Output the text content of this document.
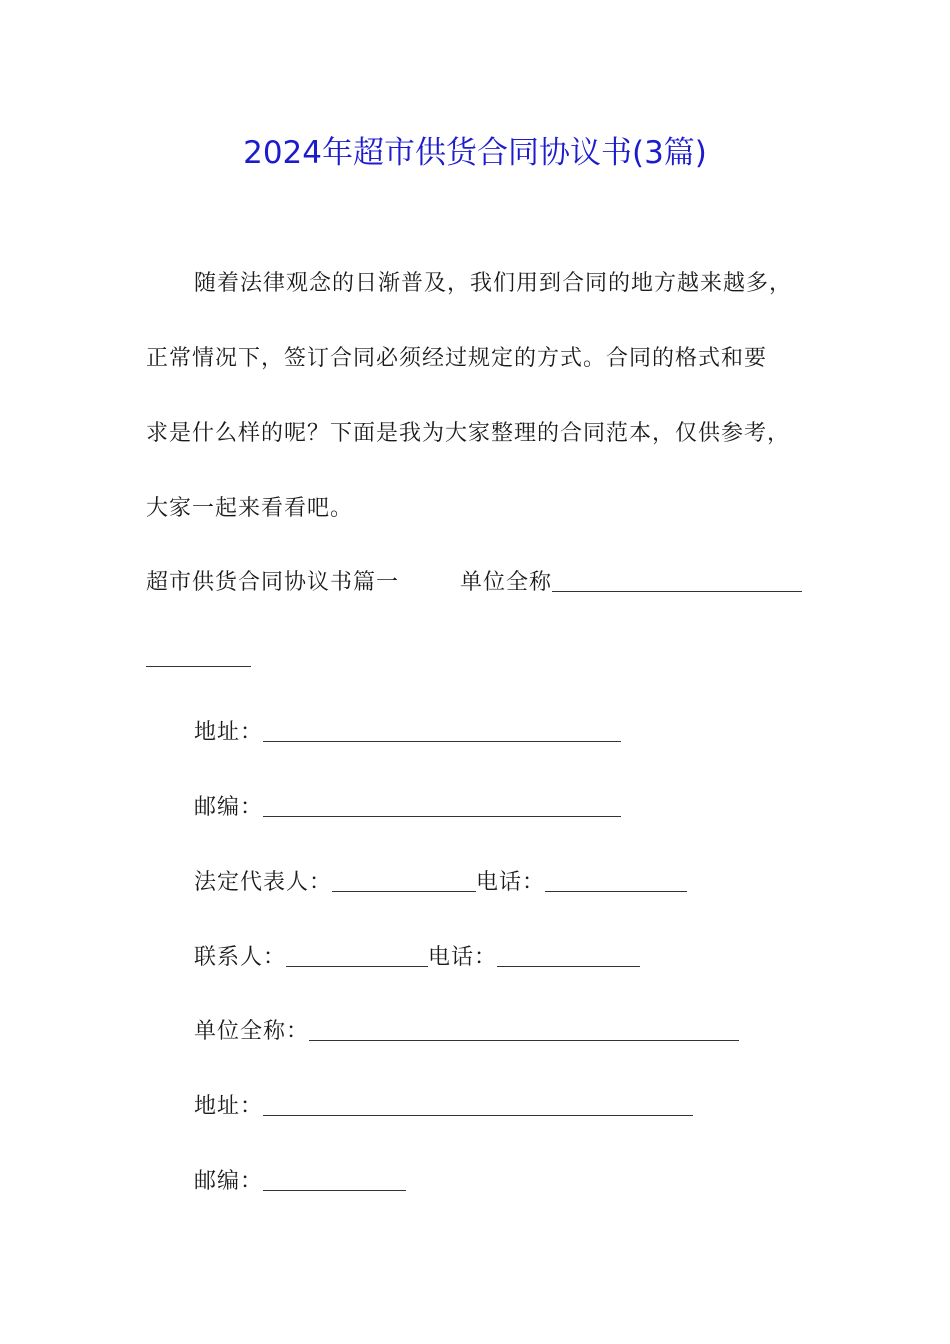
2024年超市供货合同协议书(3篇)
随着法律观念的日渐普及，我们用到合同的地方越来越多，
正常情况下，签订合同必须经过规定的方式。合同的格式和要
求是什么样的呢？下面是我为大家整理的合同范本，仅供参考，
大家一起来看看吧。
超市供货合同协议书篇一	单位全称
地址：
邮编：
法定代表人：	电话：
联系人：	电话：
单位全称：
地址：
邮编：
